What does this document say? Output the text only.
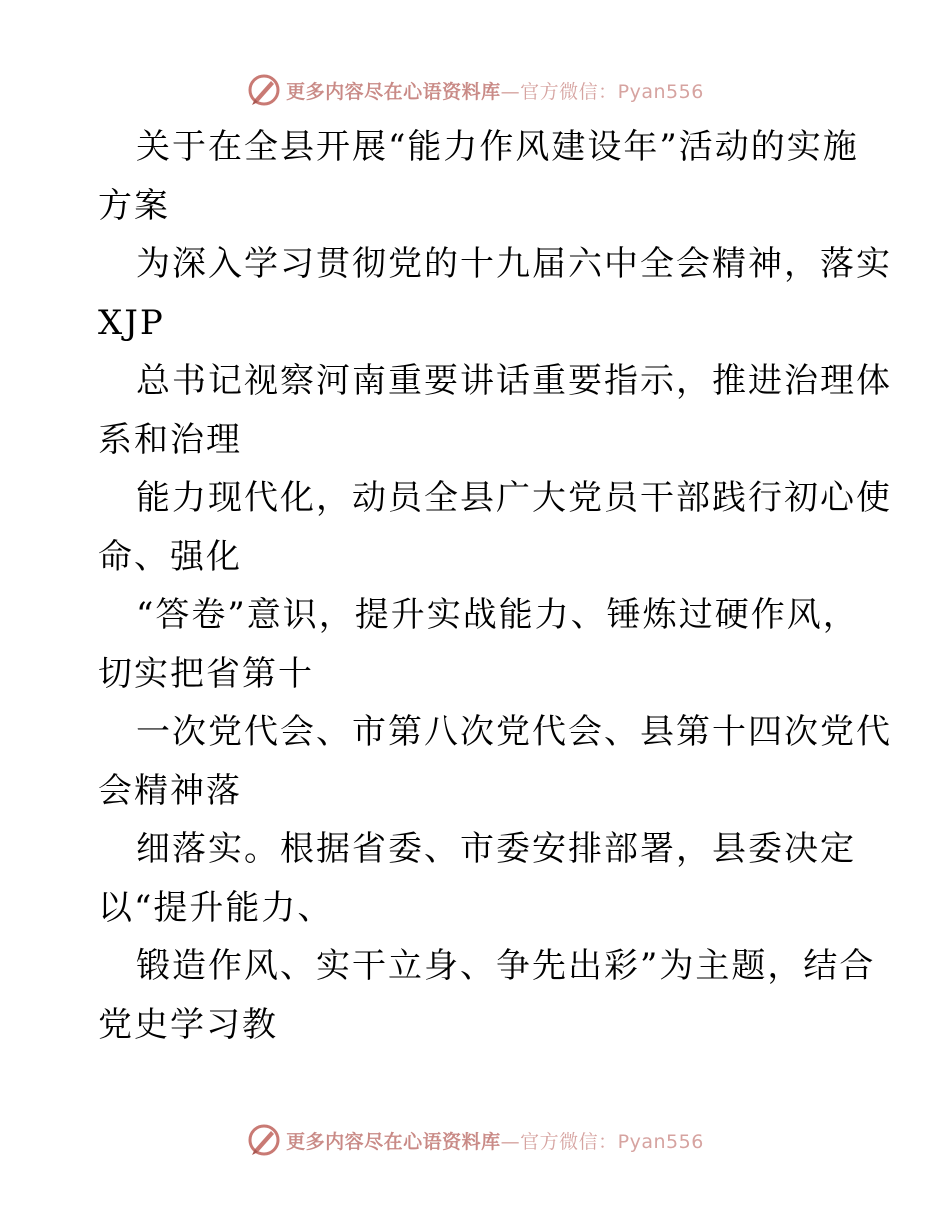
更多内容尽在心语资料库—官方微信：Pyan556
关于在全县开展“能力作风建设年”活动的实施
方案
为深入学习贯彻党的十九届六中全会精神，落实
XJP
总书记视察河南重要讲话重要指示，推进治理体
系和治理
能力现代化，动员全县广大党员干部践行初心使
命、强化
“答卷”意识，提升实战能力、锤炼过硬作风，
切实把省第十
一次党代会、市第八次党代会、县第十四次党代
会精神落
细落实。根据省委、市委安排部署，县委决定
以“提升能力、
锻造作风、实干立身、争先出彩”为主题，结合
党史学习教
更多内容尽在心语资料库—官方微信：Pyan556
